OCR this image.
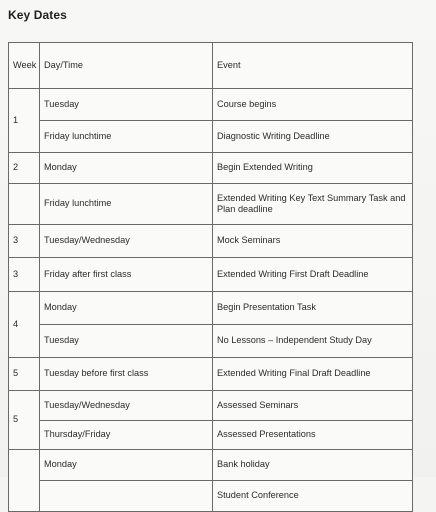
Key Dates
Week	Day/Time	Event
1	Tuesday	Course begins
	Friday lunchtime	Diagnostic Writing Deadline
2	Monday	Begin Extended Writing
	Friday lunchtime	Extended Writing Key Text Summary Task and Plan deadline
3	Tuesday/Wednesday	Mock Seminars
3	Friday after first class	Extended Writing First Draft Deadline
4	Monday	Begin Presentation Task
	Tuesday	No Lessons – Independent Study Day
5	Tuesday before first class	Extended Writing Final Draft Deadline
5	Tuesday/Wednesday	Assessed Seminars
	Thursday/Friday	Assessed Presentations
	Monday	Bank holiday
		Student Conference
